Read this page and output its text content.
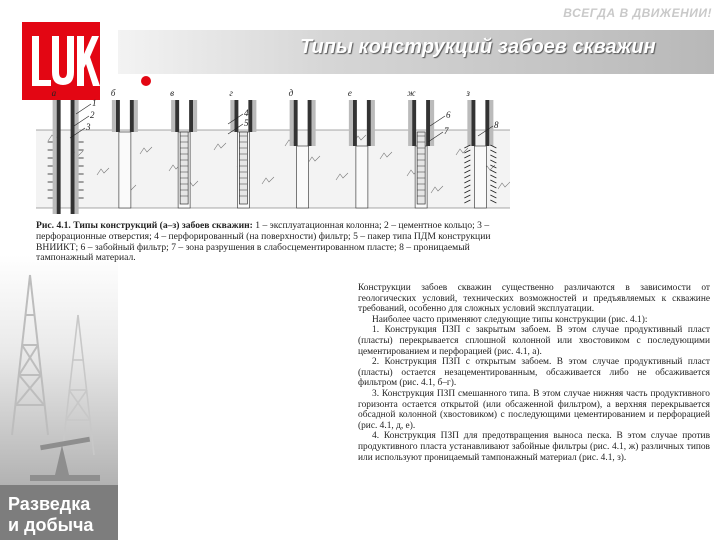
ВСЕГДА В ДВИЖЕНИИ!
Типы конструкций забоев скважин
Разведка
и добыча
а	б	в	г	д	е	ж	з
1
2
3
4
5
6
7
8
Рис. 4.1. Типы конструкций (а–з) забоев скважин: 1 – эксплуатационная колонна; 2 – цементное кольцо; 3 – перфорационные отверстия; 4 – перфорированный (на поверхности) фильтр; 5 – пакер типа ПДМ конструкции ВНИИКТ; 6 – забойный фильтр; 7 – зона разрушения в слабосцементированном пласте; 8 – проницаемый тампонажный материал.

Конструкции забоев скважин существенно различаются в зависимости от геологических условий, технических возможностей и предъявляемых к скважине требований, особенно для сложных условий эксплуатации.

Наиболее часто применяют следующие типы конструкции (рис. 4.1):

1. Конструкция ПЗП с закрытым забоем. В этом случае продуктивный пласт (пласты) перекрывается сплошной колонной или хвостовиком с последующими цементированием и перфорацией (рис. 4.1, а).

2. Конструкция ПЗП с открытым забоем. В этом случае продуктивный пласт (пласты) остается незацементированным, обсаживается либо не обсаживается фильтром (рис. 4.1, б–г).

3. Конструкция ПЗП смешанного типа. В этом случае нижняя часть продуктивного горизонта остается открытой (или обсаженной фильтром), а верхняя перекрывается обсадной колонной (хвостовиком) с последующими цементированием и перфорацией (рис. 4.1, д, е).

4. Конструкция ПЗП для предотвращения выноса песка. В этом случае против продуктивного пласта устанавливают забойные фильтры (рис. 4.1, ж) различных типов или используют проницаемый тампонажный материал (рис. 4.1, з).
